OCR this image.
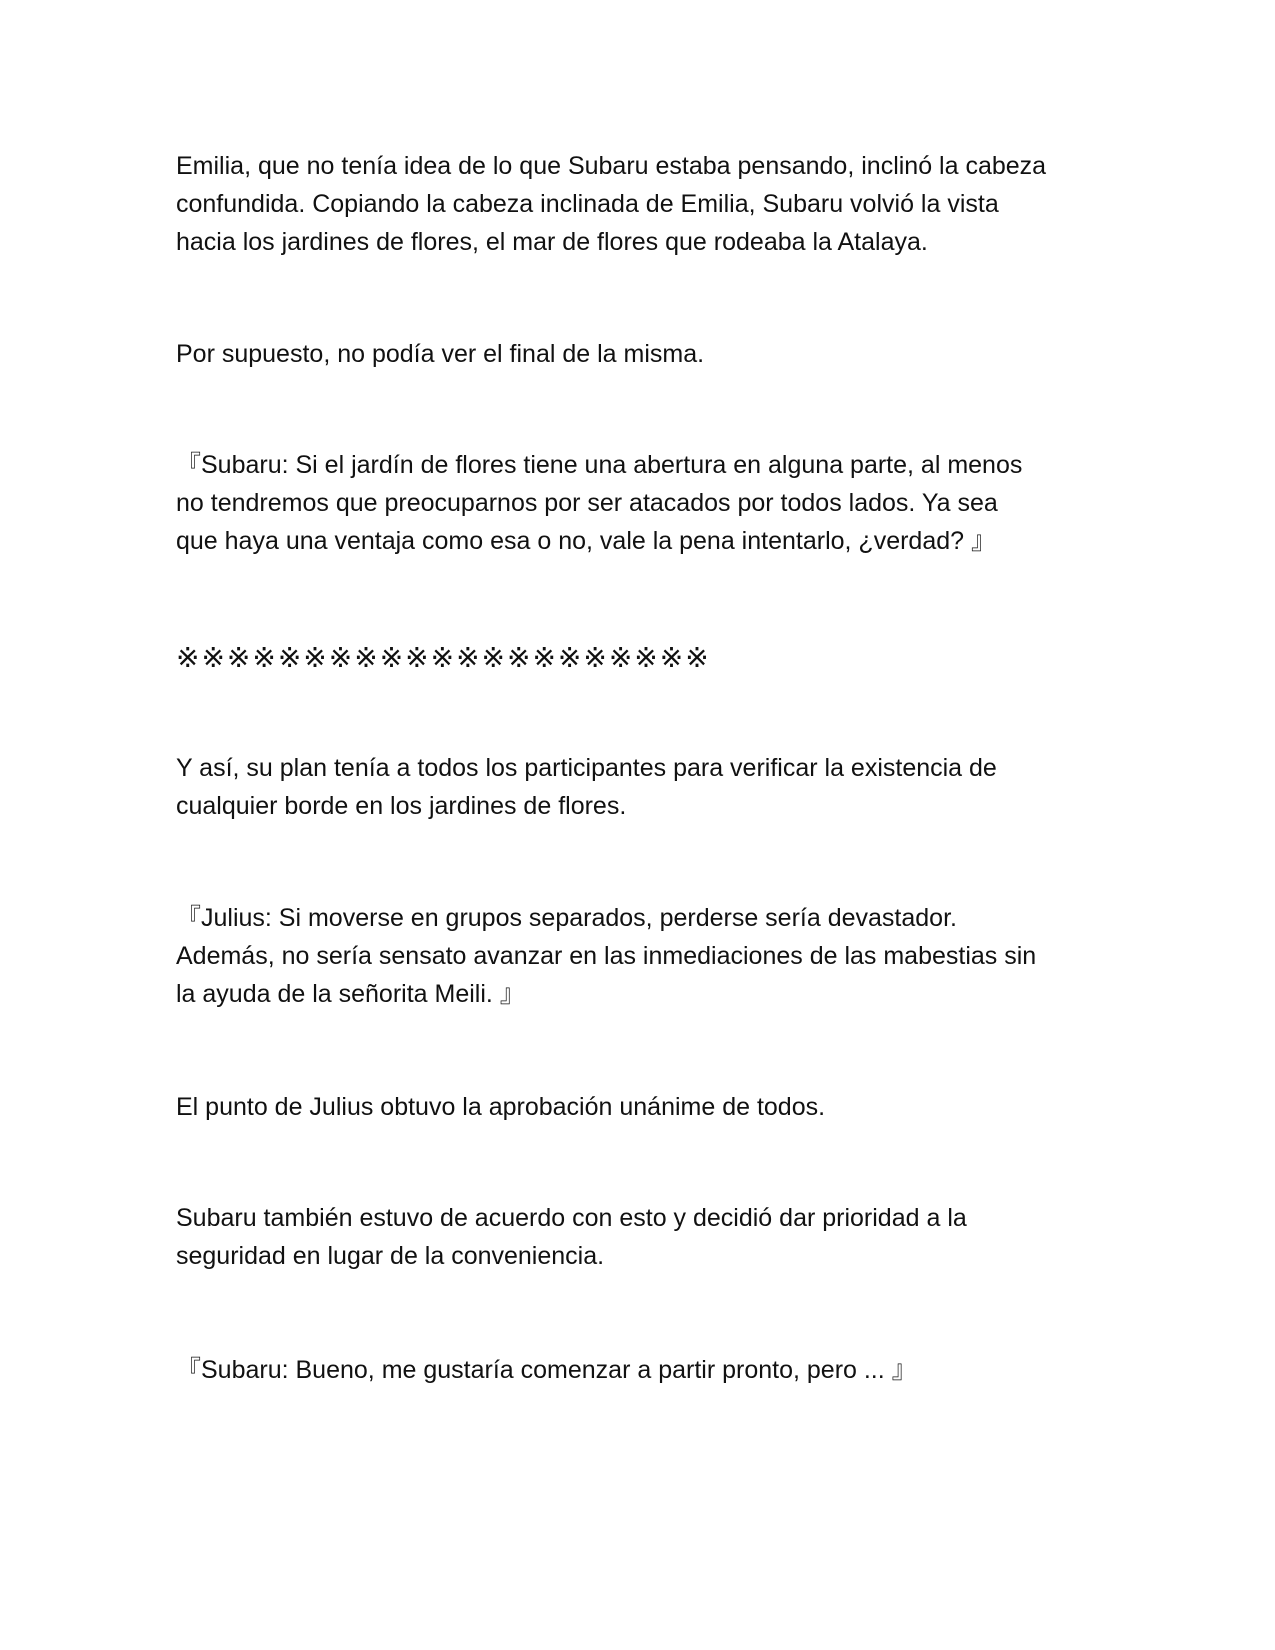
Emilia, que no tenía idea de lo que Subaru estaba pensando, inclinó la cabeza
confundida. Copiando la cabeza inclinada de Emilia, Subaru volvió la vista
hacia los jardines de flores, el mar de flores que rodeaba la Atalaya.
Por supuesto, no podía ver el final de la misma.
『Subaru: Si el jardín de flores tiene una abertura en alguna parte, al menos
no tendremos que preocuparnos por ser atacados por todos lados. Ya sea
que haya una ventaja como esa o no, vale la pena intentarlo, ¿verdad? 』
※※※※※※※※※※※※※※※※※※※※※
Y así, su plan tenía a todos los participantes para verificar la existencia de
cualquier borde en los jardines de flores.
『Julius: Si moverse en grupos separados, perderse sería devastador.
Además, no sería sensato avanzar en las inmediaciones de las mabestias sin
la ayuda de la señorita Meili. 』
El punto de Julius obtuvo la aprobación unánime de todos.
Subaru también estuvo de acuerdo con esto y decidió dar prioridad a la
seguridad en lugar de la conveniencia.
『Subaru: Bueno, me gustaría comenzar a partir pronto, pero ... 』
